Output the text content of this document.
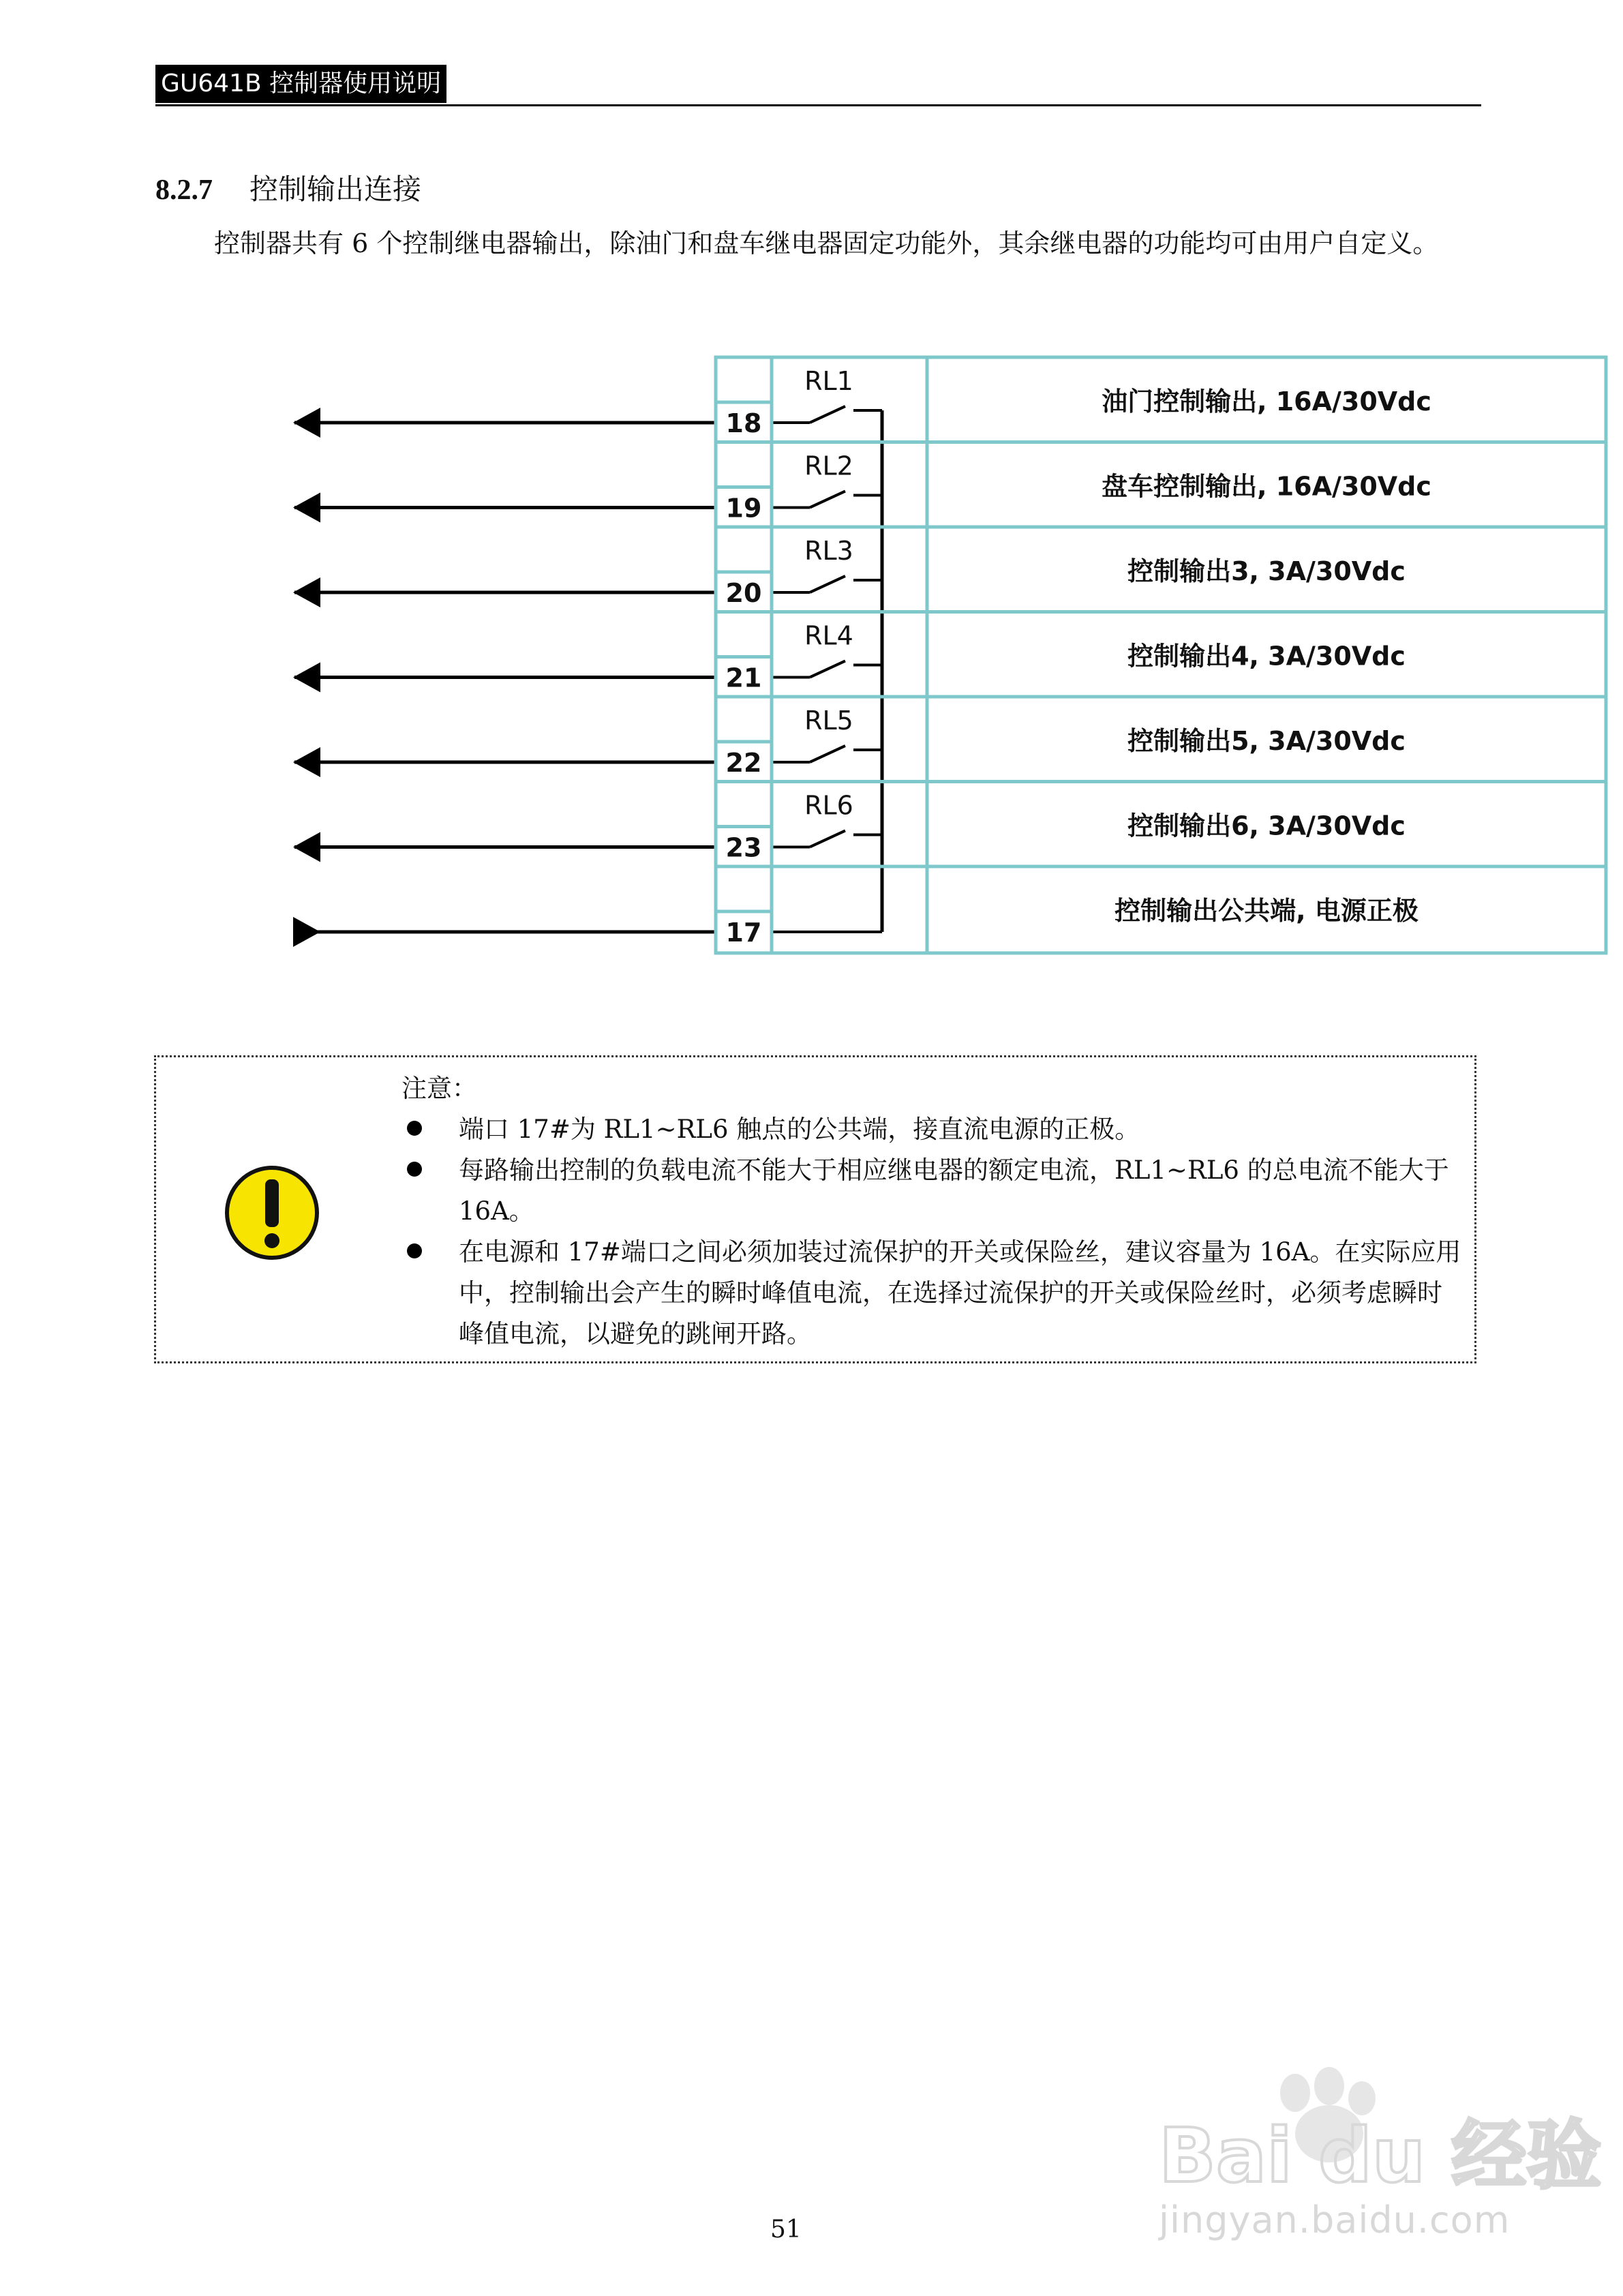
GU641B 控制器使用说明
8.2.7 控制输出连接

控制器共有 6 个控制继电器输出，除油门和盘车继电器固定功能外，其余继电器的功能均可由用户自定义。

18
RL1
油门控制输出, 16A/30Vdc
19
RL2
盘车控制输出, 16A/30Vdc
20
RL3
控制输出3, 3A/30Vdc
21
RL4
控制输出4, 3A/30Vdc
22
RL5
控制输出5, 3A/30Vdc
23
RL6
控制输出6, 3A/30Vdc
17
控制输出公共端, 电源正极
注意：
端口 17#为 RL1~RL6 触点的公共端，接直流电源的正极。
每路输出控制的负载电流不能大于相应继电器的额定电流，RL1~RL6 的总电流不能大于 16A。
在电源和 17#端口之间必须加装过流保护的开关或保险丝，建议容量为 16A。在实际应用中，控制输出会产生的瞬时峰值电流，在选择过流保护的开关或保险丝时，必须考虑瞬时峰值电流，以避免的跳闸开路。
51
Bai du 经验
jingyan.baidu.com
